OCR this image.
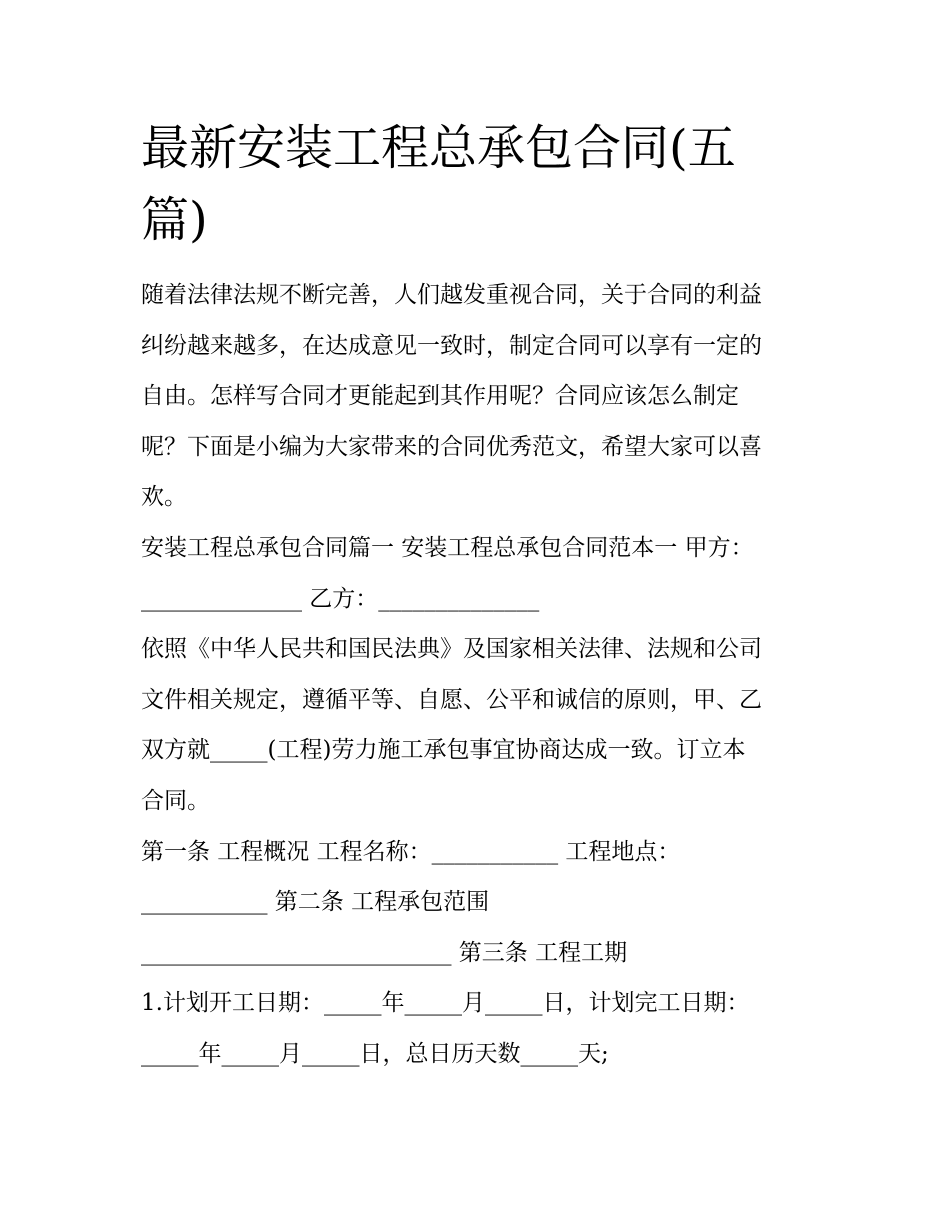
最新安装工程总承包合同(五
篇)

随着法律法规不断完善，人们越发重视合同，关于合同的利益
纠纷越来越多，在达成意见一致时，制定合同可以享有一定的
自由。怎样写合同才更能起到其作用呢？合同应该怎么制定
呢？下面是小编为大家带来的合同优秀范文，希望大家可以喜
欢。

安装工程总承包合同篇一 安装工程总承包合同范本一 甲方：
______________ 乙方：______________

依照《中华人民共和国民法典》及国家相关法律、法规和公司
文件相关规定，遵循平等、自愿、公平和诚信的原则，甲、乙
双方就_____(工程)劳力施工承包事宜协商达成一致。订立本
合同。

第一条 工程概况 工程名称：___________ 工程地点：
___________ 第二条 工程承包范围
___________________________ 第三条 工程工期
1.计划开工日期：_____年_____月_____日，计划完工日期：
_____年_____月_____日，总日历天数_____天;
